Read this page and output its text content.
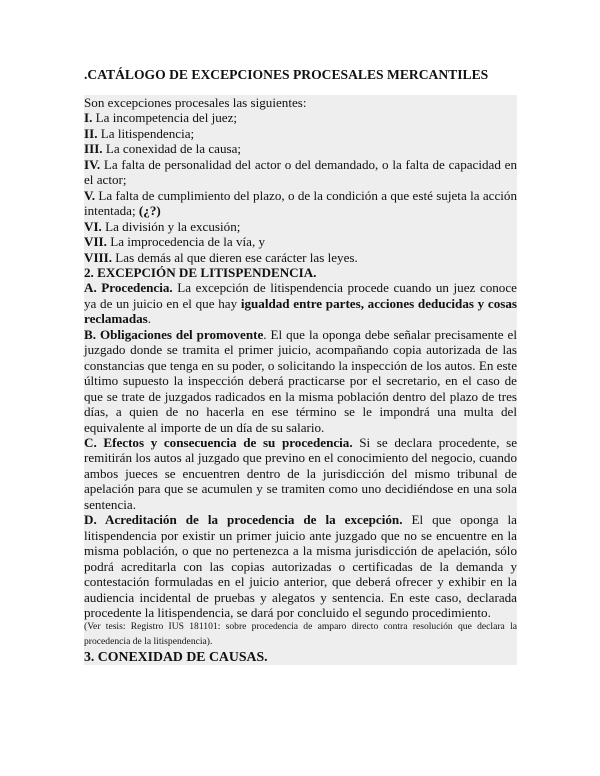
.CATÁLOGO DE EXCEPCIONES PROCESALES MERCANTILES

Son excepciones procesales las siguientes:

I. La incompetencia del juez;

II. La litispendencia;

III. La conexidad de la causa;

IV. La falta de personalidad del actor o del demandado, o la falta de capacidad en el actor;

V. La falta de cumplimiento del plazo, o de la condición a que esté sujeta la acción intentada; (¿?)

VI. La división y la excusión;

VII. La improcedencia de la vía, y

VIII. Las demás al que dieren ese carácter las leyes.

2. EXCEPCIÓN DE LITISPENDENCIA.

A. Procedencia. La excepción de litispendencia procede cuando un juez conoce ya de un juicio en el que hay igualdad entre partes, acciones deducidas y cosas reclamadas.

B. Obligaciones del promovente. El que la oponga debe señalar precisamente el juzgado donde se tramita el primer juicio, acompañando copia autorizada de las constancias que tenga en su poder, o solicitando la inspección de los autos. En este último supuesto la inspección deberá practicarse por el secretario, en el caso de que se trate de juzgados radicados en la misma población dentro del plazo de tres días, a quien de no hacerla en ese término se le impondrá una multa del equivalente al importe de un día de su salario.

C. Efectos y consecuencia de su procedencia. Si se declara procedente, se remitirán los autos al juzgado que previno en el conocimiento del negocio, cuando ambos jueces se encuentren dentro de la jurisdicción del mismo tribunal de apelación para que se acumulen y se tramiten como uno decidiéndose en una sola sentencia.

D. Acreditación de la procedencia de la excepción. El que oponga la litispendencia por existir un primer juicio ante juzgado que no se encuentre en la misma población, o que no pertenezca a la misma jurisdicción de apelación, sólo podrá acreditarla con las copias autorizadas o certificadas de la demanda y contestación formuladas en el juicio anterior, que deberá ofrecer y exhibir en la audiencia incidental de pruebas y alegatos y sentencia. En este caso, declarada procedente la litispendencia, se dará por concluido el segundo procedimiento.

(Ver tesis: Registro IUS 181101: sobre procedencia de amparo directo contra resolución que declara la procedencia de la litispendencia).

3. CONEXIDAD DE CAUSAS.
